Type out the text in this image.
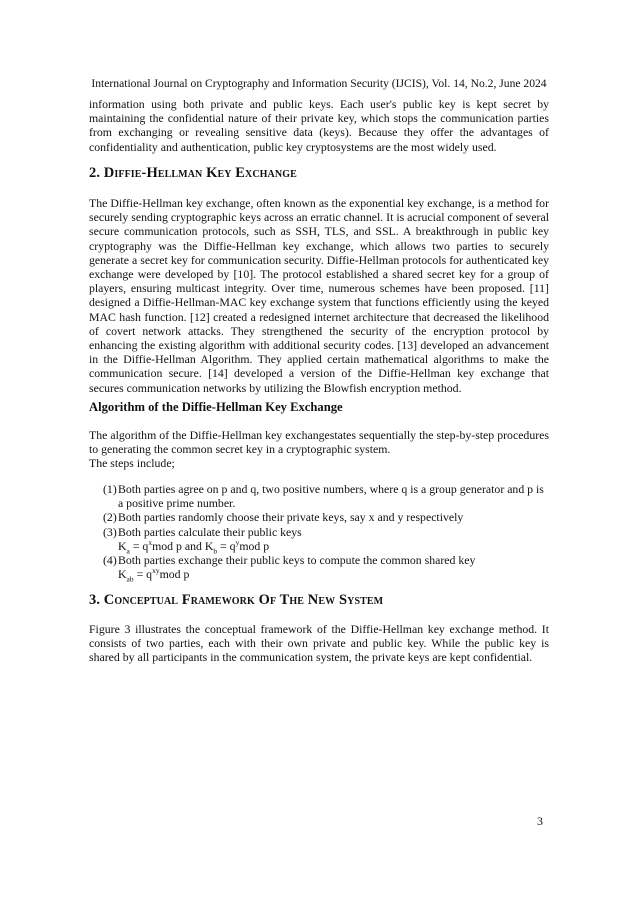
International Journal on Cryptography and Information Security (IJCIS), Vol. 14, No.2, June 2024

information using both private and public keys. Each user's public key is kept secret by maintaining the confidential nature of their private key, which stops the communication parties from exchanging or revealing sensitive data (keys). Because they offer the advantages of confidentiality and authentication, public key cryptosystems are the most widely used.

2. Diffie-Hellman Key Exchange

The Diffie-Hellman key exchange, often known as the exponential key exchange, is a method for securely sending cryptographic keys across an erratic channel. It is acrucial component of several secure communication protocols, such as SSH, TLS, and SSL. A breakthrough in public key cryptography was the Diffie-Hellman key exchange, which allows two parties to securely generate a secret key for communication security. Diffie-Hellman protocols for authenticated key exchange were developed by [10]. The protocol established a shared secret key for a group of players, ensuring multicast integrity. Over time, numerous schemes have been proposed. [11] designed a Diffie-Hellman-MAC key exchange system that functions efficiently using the keyed MAC hash function. [12] created a redesigned internet architecture that decreased the likelihood of covert network attacks. They strengthened the security of the encryption protocol by enhancing the existing algorithm with additional security codes. [13] developed an advancement in the Diffie-Hellman Algorithm. They applied certain mathematical algorithms to make the communication secure. [14] developed a version of the Diffie-Hellman key exchange that secures communication networks by utilizing the Blowfish encryption method.

Algorithm of the Diffie-Hellman Key Exchange

The algorithm of the Diffie-Hellman key exchangestates sequentially the step-by-step procedures to generating the common secret key in a cryptographic system.

The steps include;

(1) Both parties agree on p and q, two positive numbers, where q is a group generator and p is a positive prime number.
(2) Both parties randomly choose their private keys, say x and y respectively
(3) Both parties calculate their public keys
$K_a = q^xmod$ p and $K_b = q^ymod$ p
(4) Both parties exchange their public keys to compute the common shared key
$K_{ab} = q^{xy}mod$ p
3. Conceptual Framework Of The New System

Figure 3 illustrates the conceptual framework of the Diffie-Hellman key exchange method. It consists of two parties, each with their own private and public key. While the public key is shared by all participants in the communication system, the private keys are kept confidential.

3
